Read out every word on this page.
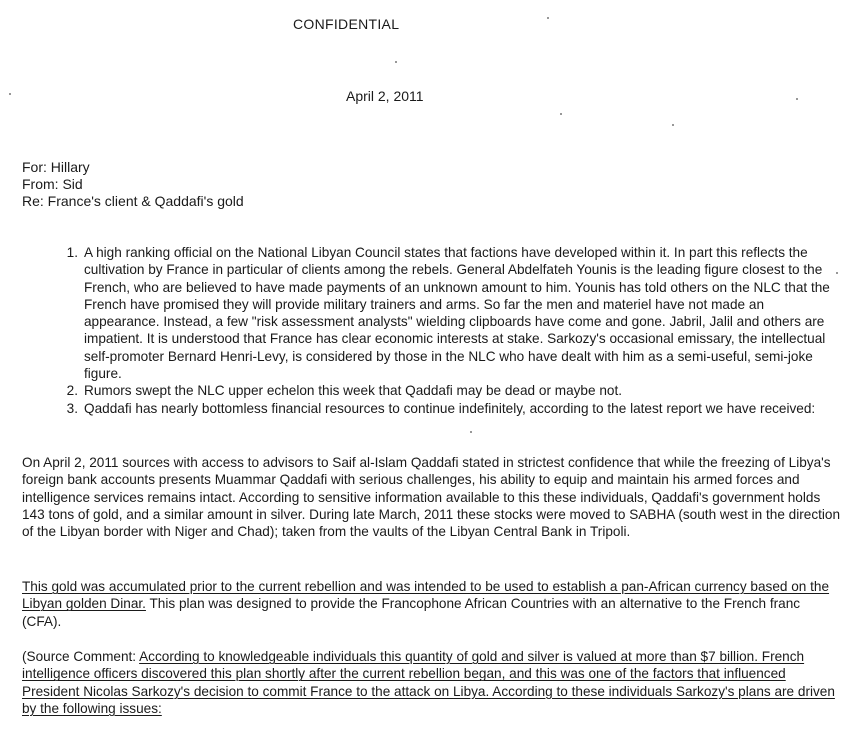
CONFIDENTIAL
April 2, 2011
For: Hillary
From: Sid
Re: France's client & Qaddafi's gold
1. A high ranking official on the National Libyan Council states that factions have developed within it. In part this reflects the cultivation by France in particular of clients among the rebels. General Abdelfateh Younis is the leading figure closest to the French, who are believed to have made payments of an unknown amount to him. Younis has told others on the NLC that the French have promised they will provide military trainers and arms. So far the men and materiel have not made an appearance. Instead, a few "risk assessment analysts" wielding clipboards have come and gone. Jabril, Jalil and others are impatient. It is understood that France has clear economic interests at stake. Sarkozy's occasional emissary, the intellectual self-promoter Bernard Henri-Levy, is considered by those in the NLC who have dealt with him as a semi-useful, semi-joke figure.
2. Rumors swept the NLC upper echelon this week that Qaddafi may be dead or maybe not.
3. Qaddafi has nearly bottomless financial resources to continue indefinitely, according to the latest report we have received:
On April 2, 2011 sources with access to advisors to Saif al-Islam Qaddafi stated in strictest confidence that while the freezing of Libya's foreign bank accounts presents Muammar Qaddafi with serious challenges, his ability to equip and maintain his armed forces and intelligence services remains intact. According to sensitive information available to this these individuals, Qaddafi's government holds 143 tons of gold, and a similar amount in silver. During late March, 2011 these stocks were moved to SABHA (south west in the direction of the Libyan border with Niger and Chad); taken from the vaults of the Libyan Central Bank in Tripoli.
This gold was accumulated prior to the current rebellion and was intended to be used to establish a pan-African currency based on the Libyan golden Dinar. This plan was designed to provide the Francophone African Countries with an alternative to the French franc (CFA).
(Source Comment: According to knowledgeable individuals this quantity of gold and silver is valued at more than $7 billion. French intelligence officers discovered this plan shortly after the current rebellion began, and this was one of the factors that influenced President Nicolas Sarkozy's decision to commit France to the attack on Libya. According to these individuals Sarkozy's plans are driven by the following issues:
